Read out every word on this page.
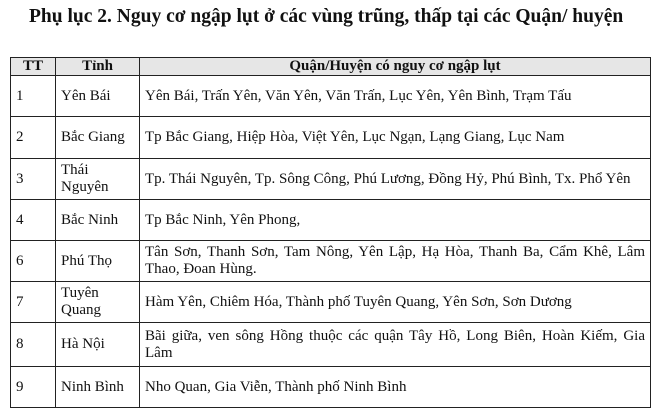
Phụ lục 2. Nguy cơ ngập lụt ở các vùng trũng, thấp tại các Quận/ huyện
TT	Tỉnh	Quận/Huyện có nguy cơ ngập lụt
1	Yên Bái	Yên Bái, Trấn Yên, Văn Yên, Văn Trấn, Lục Yên, Yên Bình, Trạm Tấu
2	Bắc Giang	Tp Bắc Giang, Hiệp Hòa, Việt Yên, Lục Ngạn, Lạng Giang, Lục Nam
3	Thái Nguyên	Tp. Thái Nguyên, Tp. Sông Công, Phú Lương, Đồng Hỷ, Phú Bình, Tx. Phổ Yên
4	Bắc Ninh	Tp Bắc Ninh, Yên Phong,
6	Phú Thọ	Tân Sơn, Thanh Sơn, Tam Nông, Yên Lập, Hạ Hòa, Thanh Ba, Cẩm Khê, Lâm Thao, Đoan Hùng.
7	Tuyên Quang	Hàm Yên, Chiêm Hóa, Thành phố Tuyên Quang, Yên Sơn, Sơn Dương
8	Hà Nội	Bãi giữa, ven sông Hồng thuộc các quận Tây Hồ, Long Biên, Hoàn Kiếm, Gia Lâm
9	Ninh Bình	Nho Quan, Gia Viễn, Thành phố Ninh Bình
